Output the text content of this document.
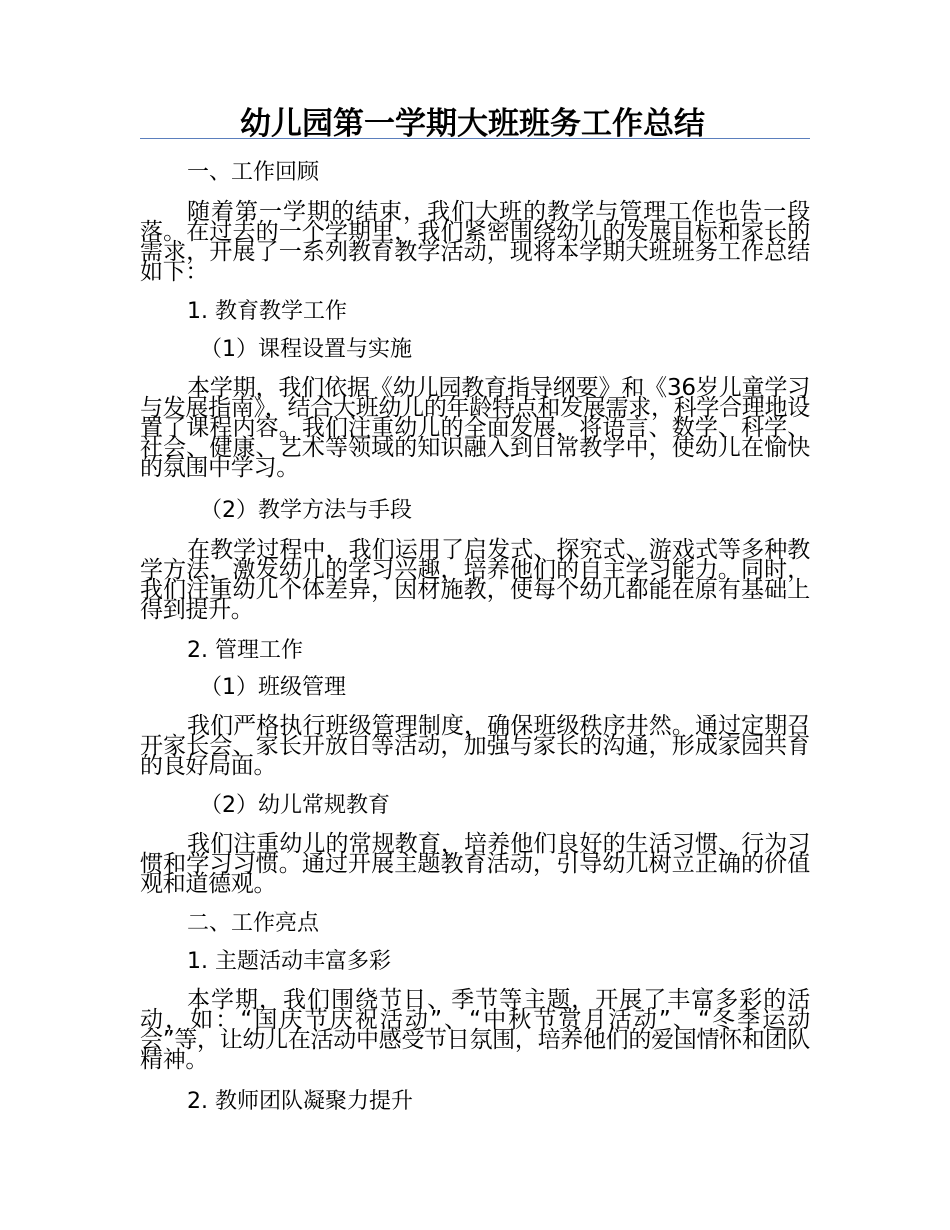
幼儿园第一学期大班班务工作总结
一、工作回顾
随着第一学期的结束，我们大班的教学与管理工作也告一段落。在过去的一个学期里，我们紧密围绕幼儿的发展目标和家长的需求，开展了一系列教育教学活动，现将本学期大班班务工作总结如下：
1. 教育教学工作
（1）课程设置与实施
本学期，我们依据《幼儿园教育指导纲要》和《36岁儿童学习与发展指南》，结合大班幼儿的年龄特点和发展需求，科学合理地设置了课程内容。我们注重幼儿的全面发展，将语言、数学、科学、社会、健康、艺术等领域的知识融入到日常教学中，使幼儿在愉快的氛围中学习。
（2）教学方法与手段
在教学过程中，我们运用了启发式、探究式、游戏式等多种教学方法，激发幼儿的学习兴趣，培养他们的自主学习能力。同时，我们注重幼儿个体差异，因材施教，使每个幼儿都能在原有基础上得到提升。
2. 管理工作
（1）班级管理
我们严格执行班级管理制度，确保班级秩序井然。通过定期召开家长会、家长开放日等活动，加强与家长的沟通，形成家园共育的良好局面。
（2）幼儿常规教育
我们注重幼儿的常规教育，培养他们良好的生活习惯、行为习惯和学习习惯。通过开展主题教育活动，引导幼儿树立正确的价值观和道德观。
二、工作亮点
1. 主题活动丰富多彩
本学期，我们围绕节日、季节等主题，开展了丰富多彩的活动，如：“国庆节庆祝活动”、“中秋节赏月活动”、“冬季运动会”等，让幼儿在活动中感受节日氛围，培养他们的爱国情怀和团队精神。
2. 教师团队凝聚力提升
